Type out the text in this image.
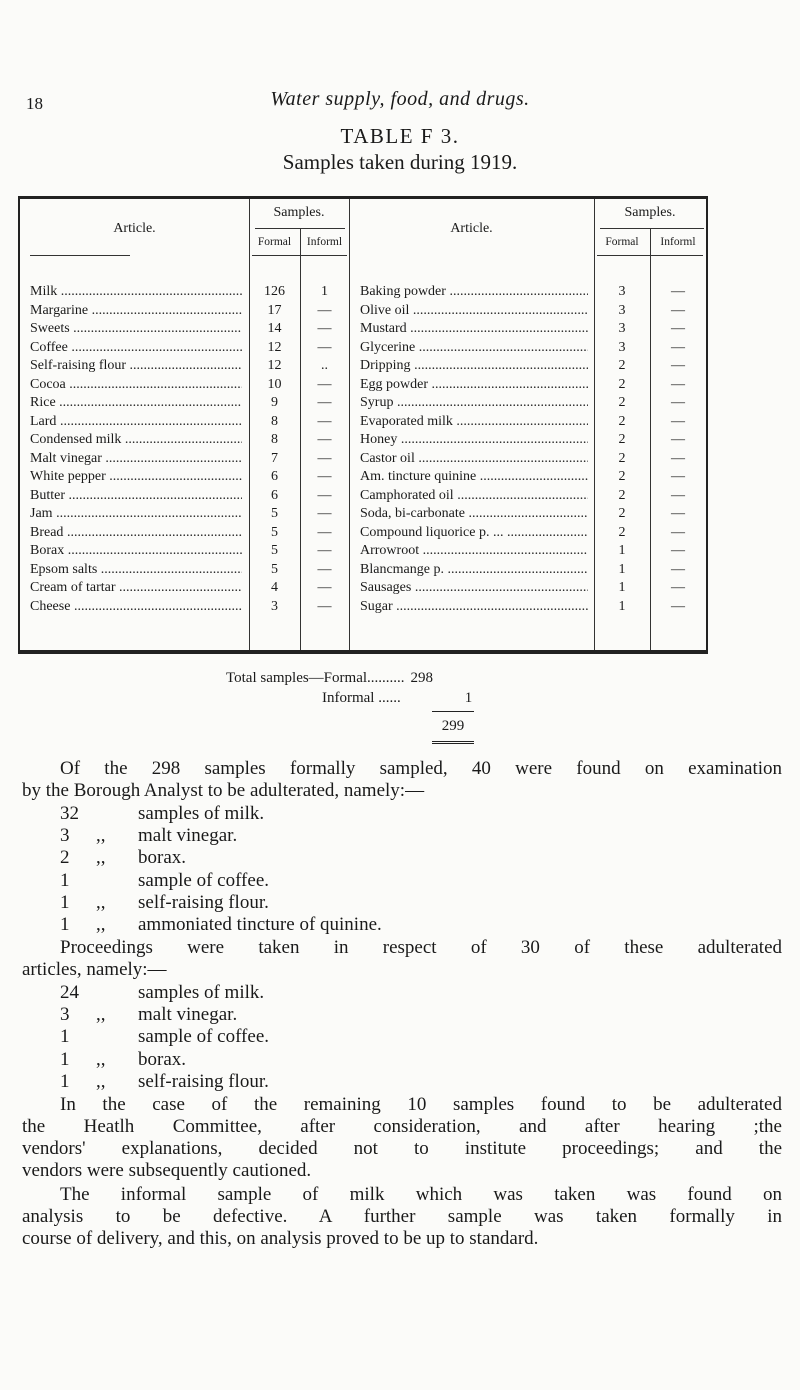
18	Water supply, food, and drugs.
TABLE F 3.
Samples taken during 1919.
Article.
Samples.
Formal	Informl
Article.
Samples.
Formal	Informl
Milk .....	126	1
Margarine .....	17	—
Sweets .....	14	—
Coffee .....	12	—
Self-raising flour .....	12	..
Cocoa .....	10	—
Rice .....	9	—
Lard .....	8	—
Condensed milk .....	8	—
Malt vinegar .....	7	—
White pepper .....	6	—
Butter .....	6	—
Jam .....	5	—
Bread .....	5	—
Borax .....	5	—
Epsom salts .....	5	—
Cream of tartar .....	4	—
Cheese .....	3	—
Baking powder .....	3	—
Olive oil .....	3	—
Mustard .....	3	—
Glycerine .....	3	—
Dripping .....	2	—
Egg powder .....	2	—
Syrup .....	2	—
Evaporated milk .....	2	—
Honey .....	2	—
Castor oil .....	2	—
Am. tincture quinine .....	2	—
Camphorated oil .....	2	—
Soda, bi-carbonate .....	2	—
Compound liquorice p. ... .....	2	—
Arrowroot .....	1	—
Blancmange p. .....	1	—
Sausages .....	1	—
Sugar .....	1	—
Total samples—Formal.......... 298
Informal ......	1
299
Of the 298 samples formally sampled, 40 were found on examination
by the Borough Analyst to be adulterated, namely:—
32	samples of milk.
3 ,, malt vinegar.
2 ,, borax.
1	sample of coffee.
1 ,, self-raising flour.
1 ,, ammoniated tincture of quinine.
Proceedings were taken in respect of 30 of these adulterated
articles, namely:—
24	samples of milk.
3 ,, malt vinegar.
1	sample of coffee.
1 ,, borax.
1 ,, self-raising flour.
In the case of the remaining 10 samples found to be adulterated
the Heatlh Committee, after consideration, and after hearing ;the
vendors' explanations, decided not to institute proceedings; and the
vendors were subsequently cautioned.
The informal sample of milk which was taken was found on
analysis to be defective. A further sample was taken formally in
course of delivery, and this, on analysis proved to be up to standard.
